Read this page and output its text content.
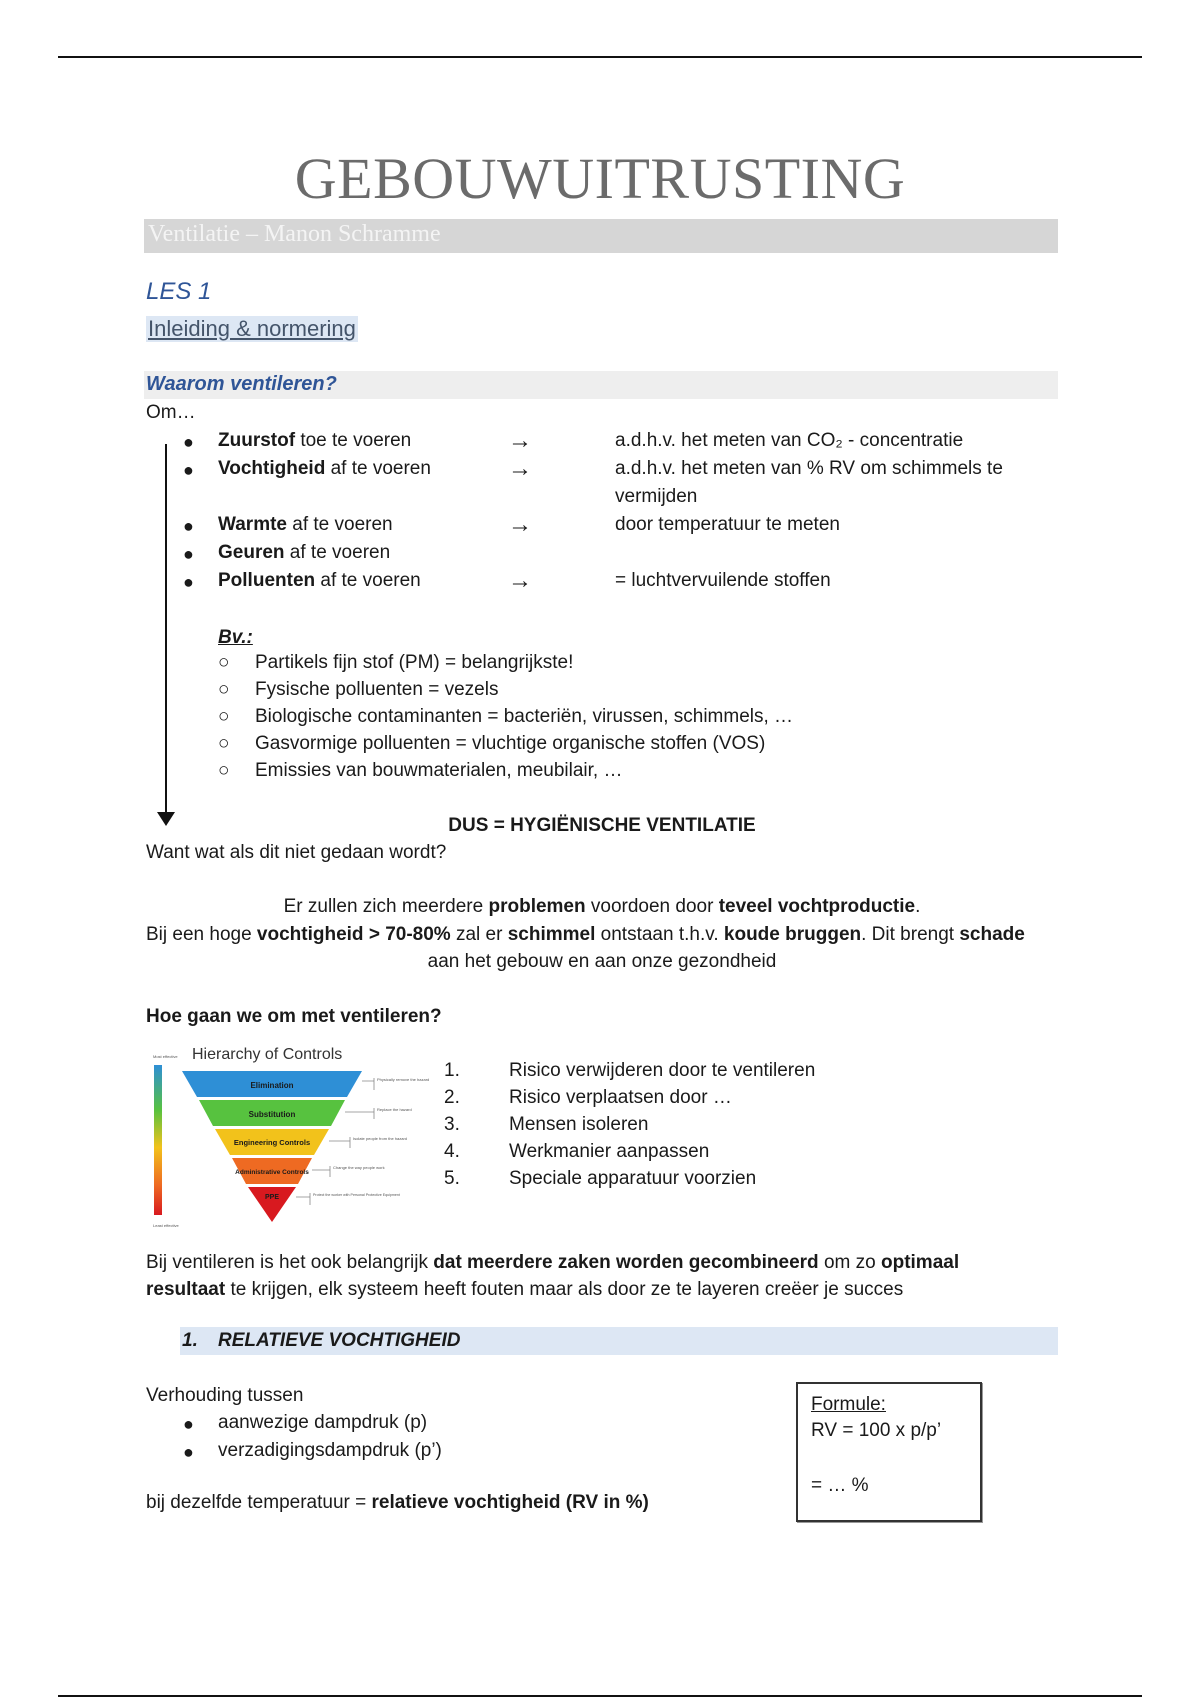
GEBOUWUITRUSTING
Ventilatie – Manon Schramme
LES 1
Inleiding & normering
Waarom ventileren?
Om…
● Zuurstof toe te voeren	→	a.d.h.v. het meten van CO₂ - concentratie
● Vochtigheid af te voeren	→	a.d.h.v. het meten van % RV om schimmels te
vermijden
● Warmte af te voeren	→	door temperatuur te meten
● Geuren af te voeren
● Polluenten af te voeren	→	= luchtvervuilende stoffen
Bv.:
○ Partikels fijn stof (PM) = belangrijkste!
○ Fysische polluenten = vezels
○ Biologische contaminanten = bacteriën, virussen, schimmels, …
○ Gasvormige polluenten = vluchtige organische stoffen (VOS)
○ Emissies van bouwmaterialen, meubilair, …
DUS = HYGIËNISCHE VENTILATIE
Want wat als dit niet gedaan wordt?
Er zullen zich meerdere problemen voordoen door teveel vochtproductie.
Bij een hoge vochtigheid > 70-80% zal er schimmel ontstaan t.h.v. koude bruggen. Dit brengt schade
aan het gebouw en aan onze gezondheid
Hoe gaan we om met ventileren?
Most effective
Least effective
Hierarchy of Controls
Elimination
Substitution
Engineering Controls
Administrative Controls
PPE
Physically remove the hazard
Replace the hazard
Isolate people from the hazard
Change the way people work
Protect the worker with Personal Protective Equipment
1.	Risico verwijderen door te ventileren
2.	Risico verplaatsen door …
3.	Mensen isoleren
4.	Werkmanier aanpassen
5.	Speciale apparatuur voorzien
Bij ventileren is het ook belangrijk dat meerdere zaken worden gecombineerd om zo optimaal
resultaat te krijgen, elk systeem heeft fouten maar als door ze te layeren creëer je succes
1. RELATIEVE VOCHTIGHEID
Verhouding tussen
● aanwezige dampdruk (p)
● verzadigingsdampdruk (p’)
bij dezelfde temperatuur = relatieve vochtigheid (RV in %)
Formule:
RV = 100 x p/p’
= … %
